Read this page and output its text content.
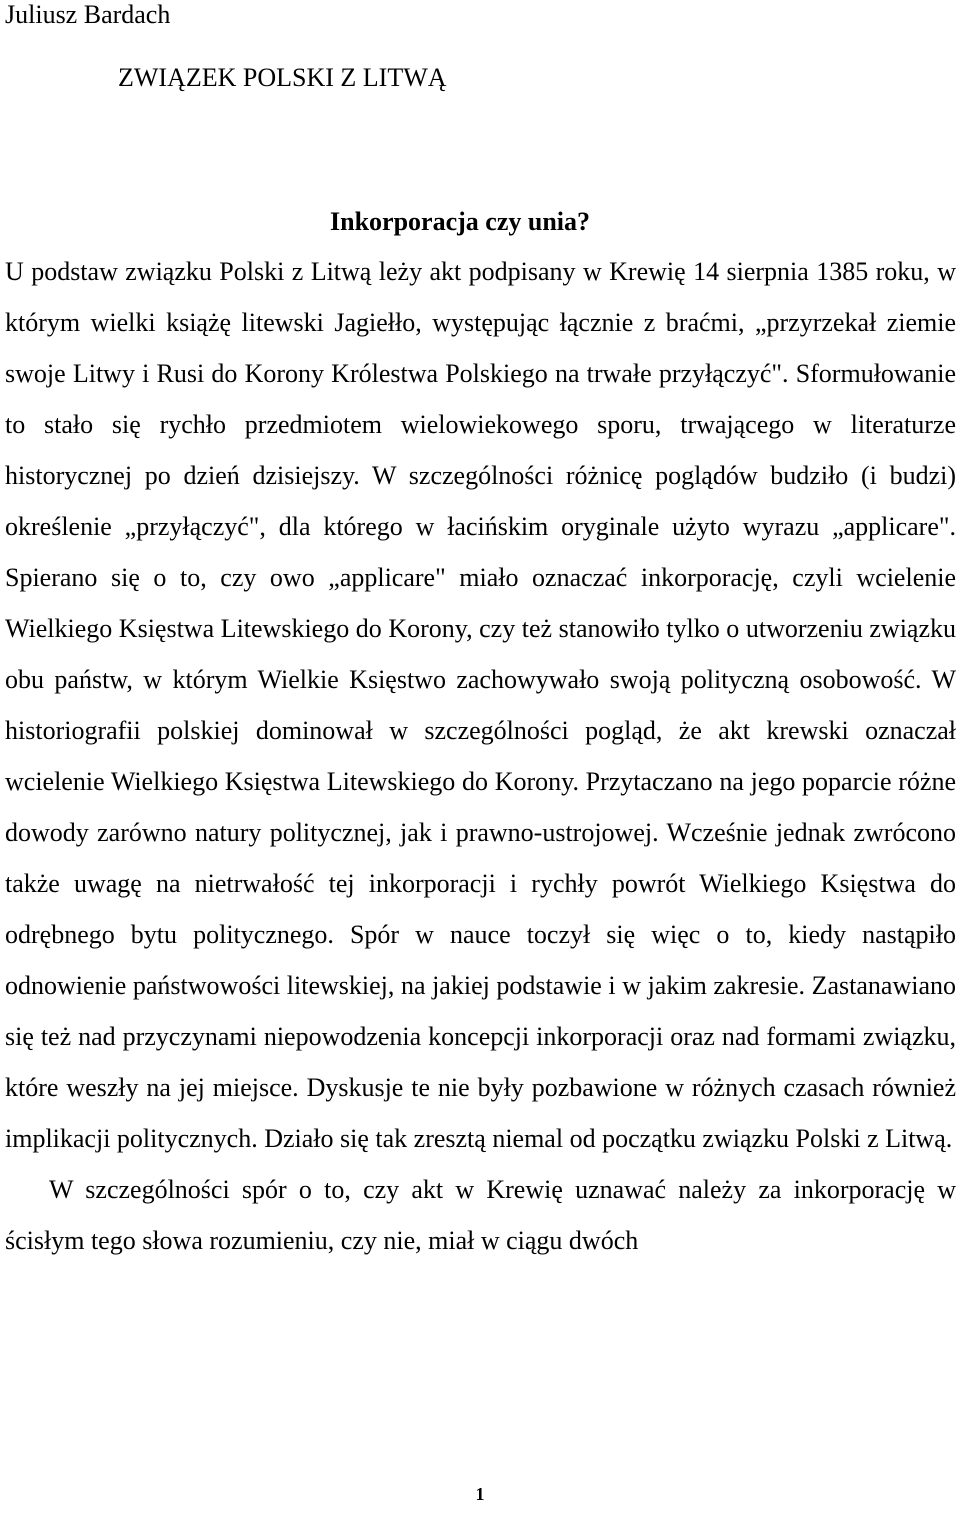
Juliusz Bardach
ZWIĄZEK POLSKI Z LITWĄ
Inkorporacja czy unia?

U podstaw związku Polski z Litwą leży akt podpisany w Krewię 14 sierpnia 1385 roku, w którym wielki książę litewski Jagiełło, występując łącznie z braćmi, „przyrzekał ziemie swoje Litwy i Rusi do Korony Królestwa Polskiego na trwałe przyłączyć". Sformułowanie to stało się rychło przedmiotem wielowiekowego sporu, trwającego w literaturze historycznej po dzień dzisiejszy. W szczególności różnicę poglądów budziło (i budzi) określenie „przyłączyć", dla którego w łacińskim oryginale użyto wyrazu „applicare". Spierano się o to, czy owo „applicare" miało oznaczać inkorporację, czyli wcielenie Wielkiego Księstwa Litewskiego do Korony, czy też stanowiło tylko o utworzeniu związku obu państw, w którym Wielkie Księstwo zachowywało swoją polityczną osobowość. W historiografii polskiej dominował w szczególności pogląd, że akt krewski oznaczał wcielenie Wielkiego Księstwa Litewskiego do Korony. Przytaczano na jego poparcie różne dowody zarówno natury politycznej, jak i prawno-ustrojowej. Wcześnie jednak zwrócono także uwagę na nietrwałość tej inkorporacji i rychły powrót Wielkiego Księstwa do odrębnego bytu politycznego. Spór w nauce toczył się więc o to, kiedy nastąpiło odnowienie państwowości litewskiej, na jakiej podstawie i w jakim zakresie. Zastanawiano się też nad przyczynami niepowodzenia koncepcji inkorporacji oraz nad formami związku, które weszły na jej miejsce. Dyskusje te nie były pozbawione w różnych czasach również implikacji politycznych. Działo się tak zresztą niemal od początku związku Polski z Litwą.

W szczególności spór o to, czy akt w Krewię uznawać należy za inkorporację w ścisłym tego słowa rozumieniu, czy nie, miał w ciągu dwóch

1
